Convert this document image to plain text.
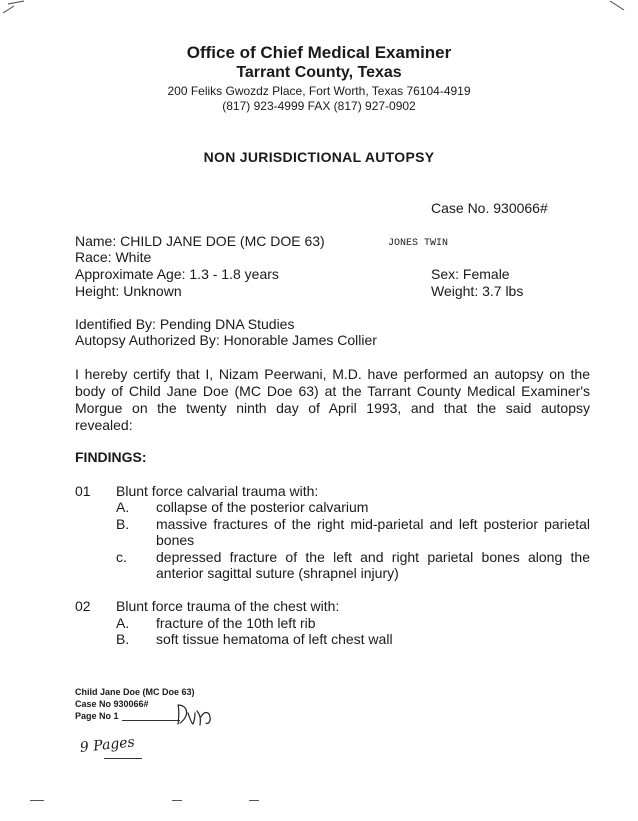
Office of Chief Medical Examiner
Tarrant County, Texas
200 Feliks Gwozdz Place, Fort Worth, Texas 76104-4919
(817) 923-4999 FAX (817) 927-0902
NON JURISDICTIONAL AUTOPSY
Case No. 930066#
Name: CHILD JANE DOE (MC DOE 63)	JONES TWIN
Race: White
Approximate Age: 1.3 - 1.8 years	Sex: Female
Height: Unknown	Weight: 3.7 lbs
Identified By: Pending DNA Studies
Autopsy Authorized By: Honorable James Collier
I hereby certify that I, Nizam Peerwani, M.D. have performed an autopsy on the
body of Child Jane Doe (MC Doe 63) at the Tarrant County Medical Examiner's
Morgue on the twenty ninth day of April 1993, and that the said autopsy
revealed:
FINDINGS:
01 Blunt force calvarial trauma with:
A. collapse of the posterior calvarium
B. massive fractures of the right mid-parietal and left posterior parietal
bones
c. depressed fracture of the left and right parietal bones along the
anterior sagittal suture (shrapnel injury)
02 Blunt force trauma of the chest with:
A. fracture of the 10th left rib
B. soft tissue hematoma of left chest wall
Child Jane Doe (MC Doe 63)
Case No 930066#
Page No 1
9 Pages
